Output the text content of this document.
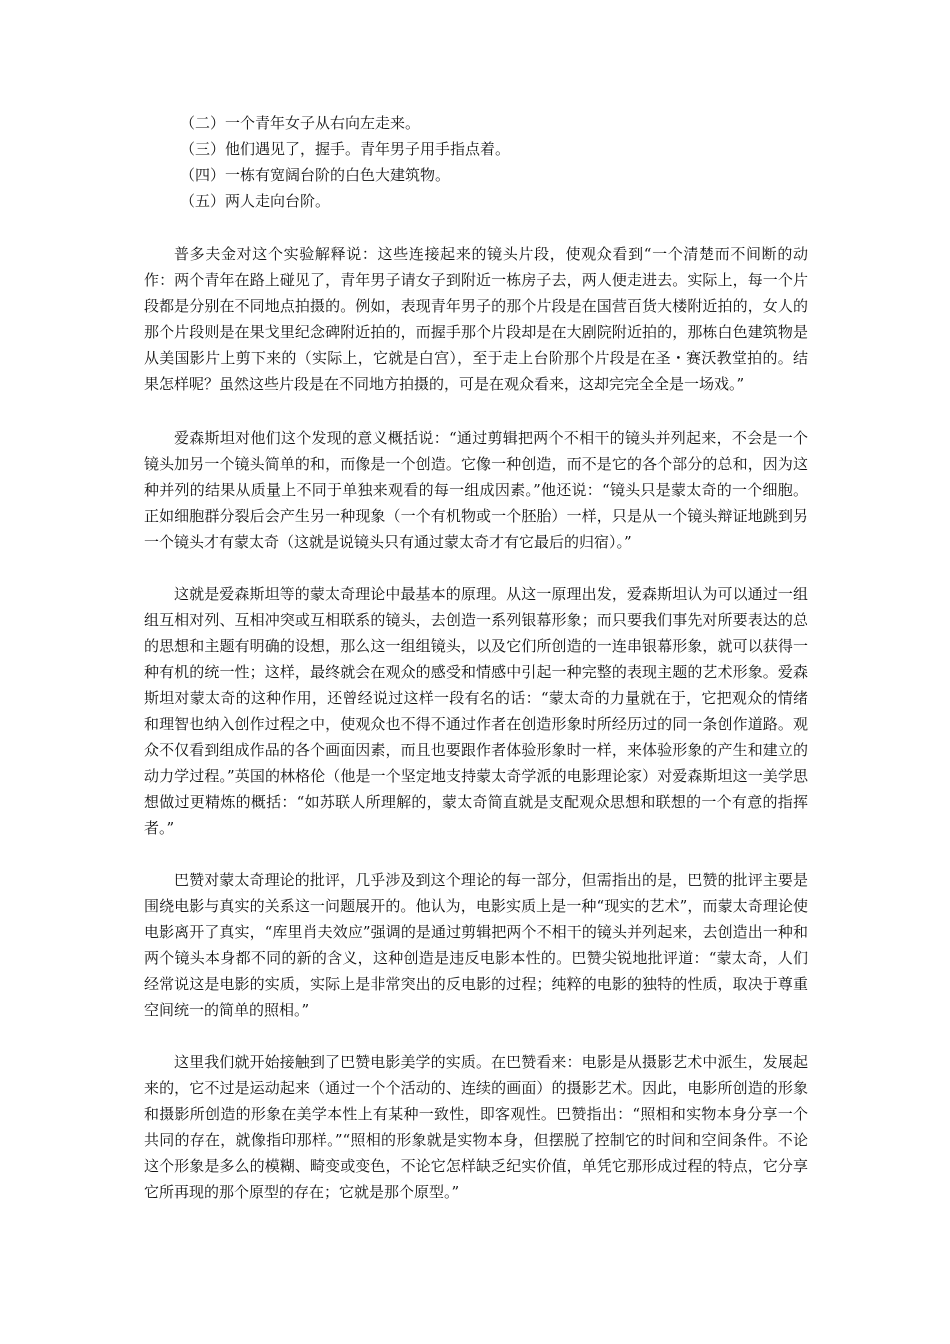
（二）一个青年女子从右向左走来。
（三）他们遇见了，握手。青年男子用手指点着。
（四）一栋有宽阔台阶的白色大建筑物。
（五）两人走向台阶。

普多夫金对这个实验解释说：这些连接起来的镜头片段，使观众看到“一个清楚而不间断的动作：两个青年在路上碰见了，青年男子请女子到附近一栋房子去，两人便走进去。实际上，每一个片段都是分别在不同地点拍摄的。例如，表现青年男子的那个片段是在国营百货大楼附近拍的，女人的那个片段则是在果戈里纪念碑附近拍的，而握手那个片段却是在大剧院附近拍的，那栋白色建筑物是从美国影片上剪下来的（实际上，它就是白宫），至于走上台阶那个片段是在圣・赛沃教堂拍的。结果怎样呢？虽然这些片段是在不同地方拍摄的，可是在观众看来，这却完完全全是一场戏。”

爱森斯坦对他们这个发现的意义概括说：“通过剪辑把两个不相干的镜头并列起来，不会是一个镜头加另一个镜头简单的和，而像是一个创造。它像一种创造，而不是它的各个部分的总和，因为这种并列的结果从质量上不同于单独来观看的每一组成因素。”他还说：“镜头只是蒙太奇的一个细胞。正如细胞群分裂后会产生另一种现象（一个有机物或一个胚胎）一样，只是从一个镜头辩证地跳到另一个镜头才有蒙太奇（这就是说镜头只有通过蒙太奇才有它最后的归宿）。”

这就是爱森斯坦等的蒙太奇理论中最基本的原理。从这一原理出发，爱森斯坦认为可以通过一组组互相对列、互相冲突或互相联系的镜头，去创造一系列银幕形象；而只要我们事先对所要表达的总的思想和主题有明确的设想，那么这一组组镜头，以及它们所创造的一连串银幕形象，就可以获得一种有机的统一性；这样，最终就会在观众的感受和情感中引起一种完整的表现主题的艺术形象。爱森斯坦对蒙太奇的这种作用，还曾经说过这样一段有名的话：“蒙太奇的力量就在于，它把观众的情绪和理智也纳入创作过程之中，使观众也不得不通过作者在创造形象时所经历过的同一条创作道路。观众不仅看到组成作品的各个画面因素，而且也要跟作者体验形象时一样，来体验形象的产生和建立的动力学过程。”英国的林格伦（他是一个坚定地支持蒙太奇学派的电影理论家）对爱森斯坦这一美学思想做过更精炼的概括：“如苏联人所理解的，蒙太奇简直就是支配观众思想和联想的一个有意的指挥者。”

巴赞对蒙太奇理论的批评，几乎涉及到这个理论的每一部分，但需指出的是，巴赞的批评主要是围绕电影与真实的关系这一问题展开的。他认为，电影实质上是一种“现实的艺术”，而蒙太奇理论使电影离开了真实，“库里肖夫效应”强调的是通过剪辑把两个不相干的镜头并列起来，去创造出一种和两个镜头本身都不同的新的含义，这种创造是违反电影本性的。巴赞尖锐地批评道：“蒙太奇，人们经常说这是电影的实质，实际上是非常突出的反电影的过程；纯粹的电影的独特的性质，取决于尊重空间统一的简单的照相。”

这里我们就开始接触到了巴赞电影美学的实质。在巴赞看来：电影是从摄影艺术中派生，发展起来的，它不过是运动起来（通过一个个活动的、连续的画面）的摄影艺术。因此，电影所创造的形象和摄影所创造的形象在美学本性上有某种一致性，即客观性。巴赞指出：“照相和实物本身分享一个共同的存在，就像指印那样。”“照相的形象就是实物本身，但摆脱了控制它的时间和空间条件。不论这个形象是多么的模糊、畸变或变色，不论它怎样缺乏纪实价值，单凭它那形成过程的特点，它分享它所再现的那个原型的存在；它就是那个原型。”
